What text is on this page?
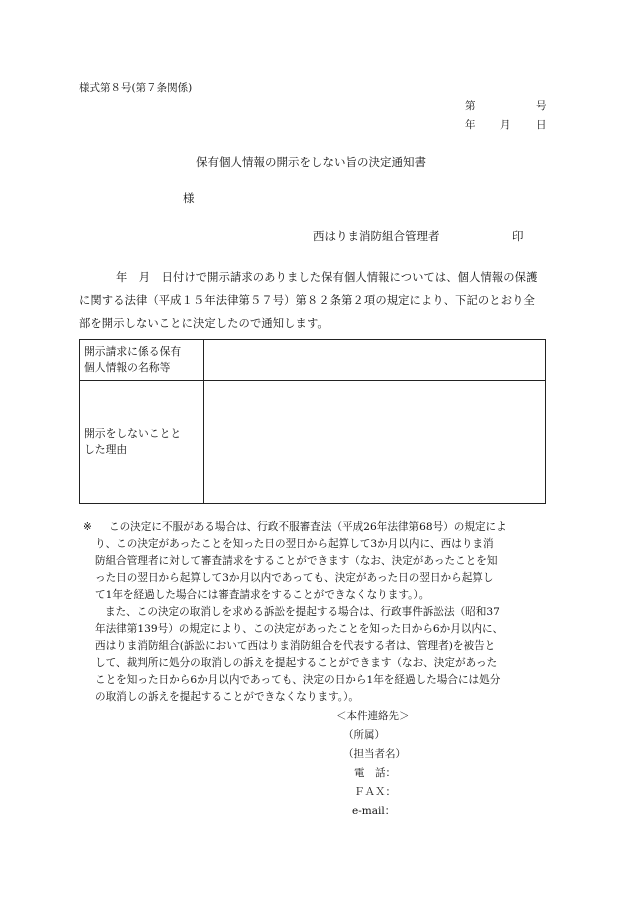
様式第８号(第７条関係)
第	号
年 月 日
保有個人情報の開示をしない旨の決定通知書
様
西はりま消防組合管理者	印
年　月　日付けで開示請求のありました保有個人情報については、個人情報の保護
に関する法律（平成１５年法律第５７号）第８２条第２項の規定により、下記のとおり全
部を開示しないことに決定したので通知します。
開示請求に係る保有
個人情報の名称等	

開示をしないことと
した理由	

※ この決定に不服がある場合は、行政不服審査法（平成26年法律第68号）の規定によ
り、この決定があったことを知った日の翌日から起算して3か月以内に、西はりま消
防組合管理者に対して審査請求をすることができます（なお、決定があったことを知
った日の翌日から起算して3か月以内であっても、決定があった日の翌日から起算し
て1年を経過した場合には審査請求をすることができなくなります。）。
また、この決定の取消しを求める訴訟を提起する場合は、行政事件訴訟法（昭和37
年法律第139号）の規定により、この決定があったことを知った日から6か月以内に、
西はりま消防組合(訴訟において西はりま消防組合を代表する者は、管理者)を被告と
して、裁判所に処分の取消しの訴えを提起することができます（なお、決定があった
ことを知った日から6か月以内であっても、決定の日から1年を経過した場合には処分
の取消しの訴えを提起することができなくなります。）。
＜本件連絡先＞
（所属）
（担当者名）
電　話：
ＦＡＸ：
e-mail：
